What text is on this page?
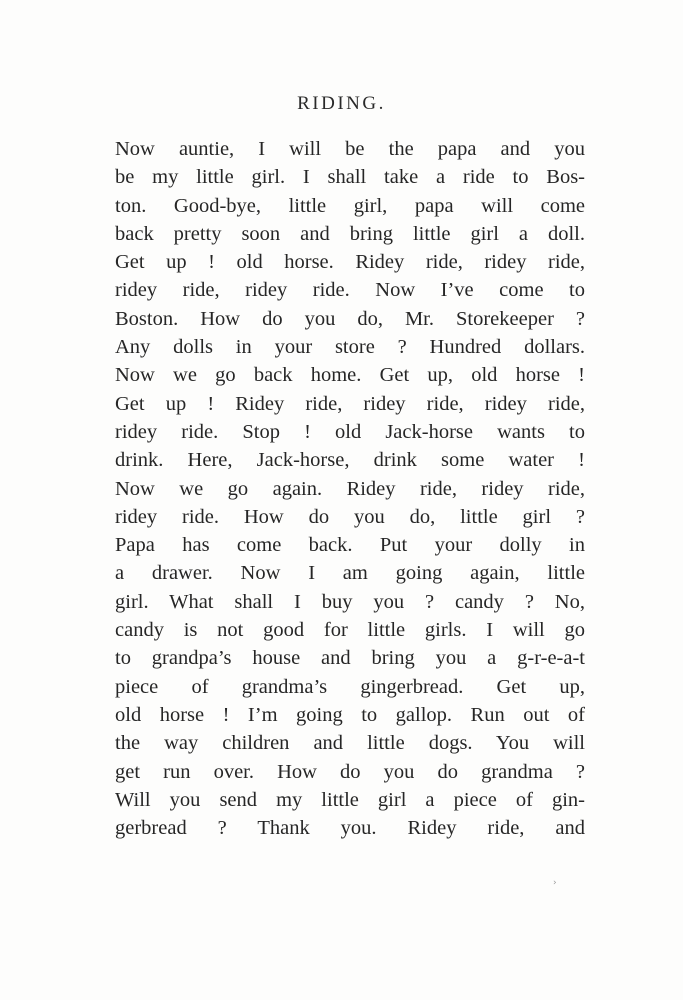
RIDING.
Now auntie, I will be the papa and you
be my little girl. I shall take a ride to Bos-
ton. Good-bye, little girl, papa will come
back pretty soon and bring little girl a doll.
Get up ! old horse. Ridey ride, ridey ride,
ridey ride, ridey ride. Now I’ve come to
Boston. How do you do, Mr. Storekeeper ?
Any dolls in your store ? Hundred dollars.
Now we go back home. Get up, old horse !
Get up ! Ridey ride, ridey ride, ridey ride,
ridey ride. Stop ! old Jack-horse wants to
drink. Here, Jack-horse, drink some water !
Now we go again. Ridey ride, ridey ride,
ridey ride. How do you do, little girl ?
Papa has come back. Put your dolly in
a drawer. Now I am going again, little
girl. What shall I buy you ? candy ? No,
candy is not good for little girls. I will go
to grandpa’s house and bring you a g-r-e-a-t
piece of grandma’s gingerbread. Get up,
old horse ! I’m going to gallop. Run out of
the way children and little dogs. You will
get run over. How do you do grandma ?
Will you send my little girl a piece of gin-
gerbread ? Thank you. Ridey ride, and
›
